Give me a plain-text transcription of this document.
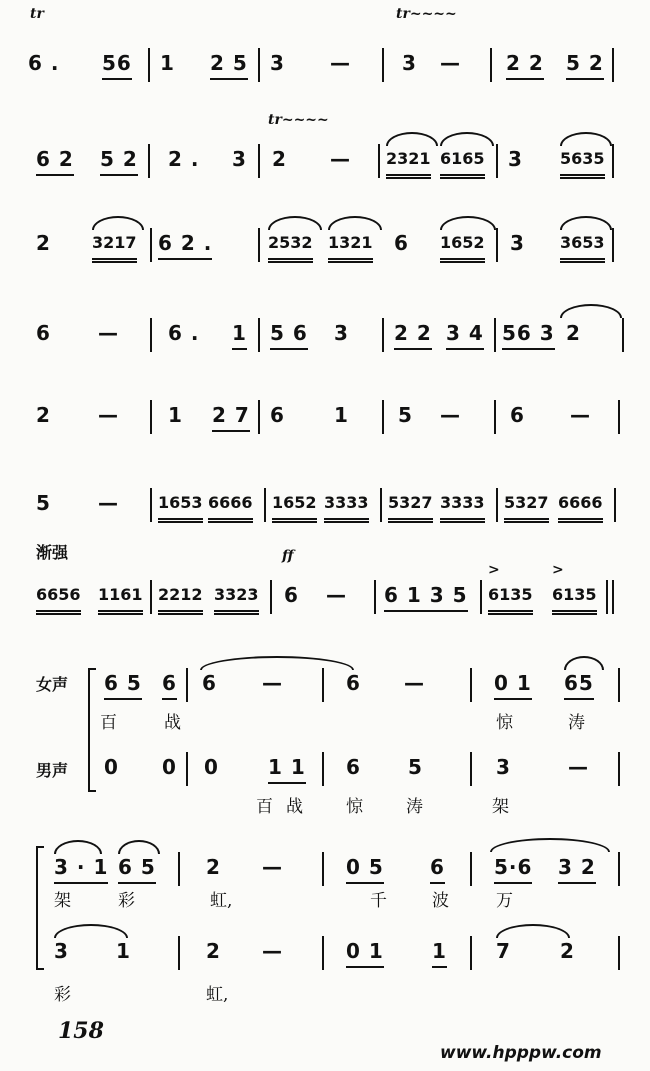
tr
6 . 56 1 2 5 3 —
tr~~~~
3 — 2 2 5 2
6 2 5 2 2 . 3
tr~~~~
2 — 2321 6165 3 5635
2	3217 6 2 .	2532 1321 6 1652 3 3653
6 — 6 . 1 5 6 3 2 2 3 4 56 3 2
2 — 1 2 7 6 1 5 — 6 —
5 — 1653 6666 1652 3333 5327 3333 5327 6666
渐强
6656 1161 2212 3323
ff
6 — 6 1 3 5
>
6135
>
6135
女声
男声
6 5 6 6 —	6 —	0 1 65
百	战	惊	涛
0 0 0 1 1 6 5	3	—
百 战	惊	涛	架
3 · 1 6 5	2 —	0 5 6 5·6 3 2
架	彩	虹,	千	波	万
3 1	2 —	0 1 1 7 2
彩	虹,
158
www.hpppw.com
